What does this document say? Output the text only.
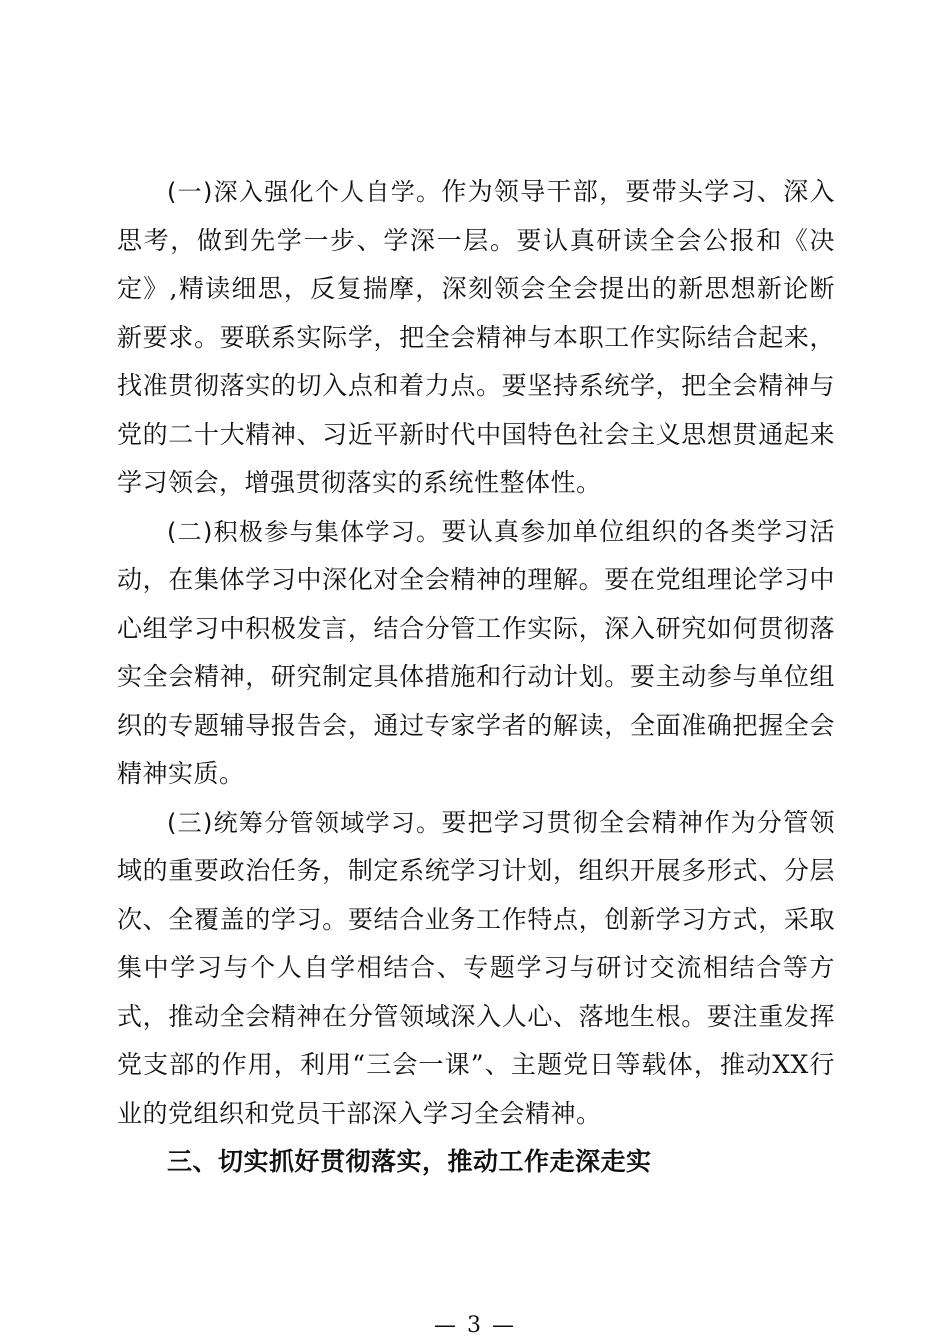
(一)深入强化个人自学。作为领导干部，要带头学习、深入思考，做到先学一步、学深一层。要认真研读全会公报和《决定》,精读细思，反复揣摩，深刻领会全会提出的新思想新论断新要求。要联系实际学，把全会精神与本职工作实际结合起来，找准贯彻落实的切入点和着力点。要坚持系统学，把全会精神与党的二十大精神、习近平新时代中国特色社会主义思想贯通起来学习领会，增强贯彻落实的系统性整体性。

(二)积极参与集体学习。要认真参加单位组织的各类学习活动，在集体学习中深化对全会精神的理解。要在党组理论学习中心组学习中积极发言，结合分管工作实际，深入研究如何贯彻落实全会精神，研究制定具体措施和行动计划。要主动参与单位组织的专题辅导报告会，通过专家学者的解读，全面准确把握全会精神实质。

(三)统筹分管领域学习。要把学习贯彻全会精神作为分管领域的重要政治任务，制定系统学习计划，组织开展多形式、分层次、全覆盖的学习。要结合业务工作特点，创新学习方式，采取集中学习与个人自学相结合、专题学习与研讨交流相结合等方式，推动全会精神在分管领域深入人心、落地生根。要注重发挥党支部的作用，利用“三会一课”、主题党日等载体，推动XX行业的党组织和党员干部深入学习全会精神。

三、切实抓好贯彻落实，推动工作走深走实

— 3 —
